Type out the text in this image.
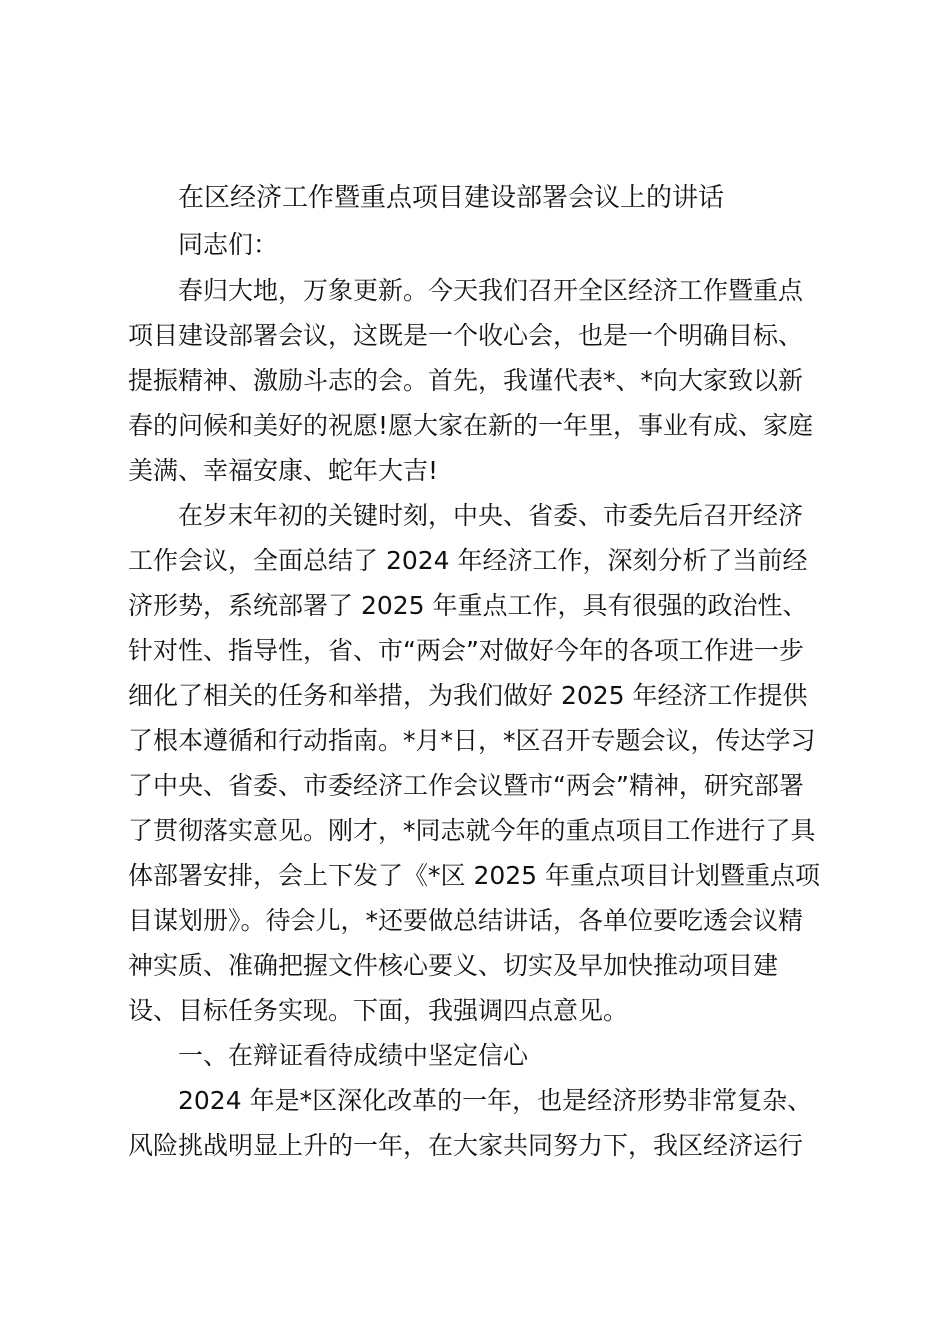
在区经济工作暨重点项目建设部署会议上的讲话
同志们：
春归大地，万象更新。今天我们召开全区经济工作暨重点
项目建设部署会议，这既是一个收心会，也是一个明确目标、
提振精神、激励斗志的会。首先，我谨代表*、*向大家致以新
春的问候和美好的祝愿!愿大家在新的一年里，事业有成、家庭
美满、幸福安康、蛇年大吉!
在岁末年初的关键时刻，中央、省委、市委先后召开经济
工作会议，全面总结了 2024 年经济工作，深刻分析了当前经
济形势，系统部署了 2025 年重点工作，具有很强的政治性、
针对性、指导性，省、市“两会”对做好今年的各项工作进一步
细化了相关的任务和举措，为我们做好 2025 年经济工作提供
了根本遵循和行动指南。*月*日，*区召开专题会议，传达学习
了中央、省委、市委经济工作会议暨市“两会”精神，研究部署
了贯彻落实意见。刚才，*同志就今年的重点项目工作进行了具
体部署安排，会上下发了《*区 2025 年重点项目计划暨重点项
目谋划册》。待会儿，*还要做总结讲话，各单位要吃透会议精
神实质、准确把握文件核心要义、切实及早加快推动项目建
设、目标任务实现。下面，我强调四点意见。
一、在辩证看待成绩中坚定信心
2024 年是*区深化改革的一年，也是经济形势非常复杂、
风险挑战明显上升的一年，在大家共同努力下，我区经济运行
